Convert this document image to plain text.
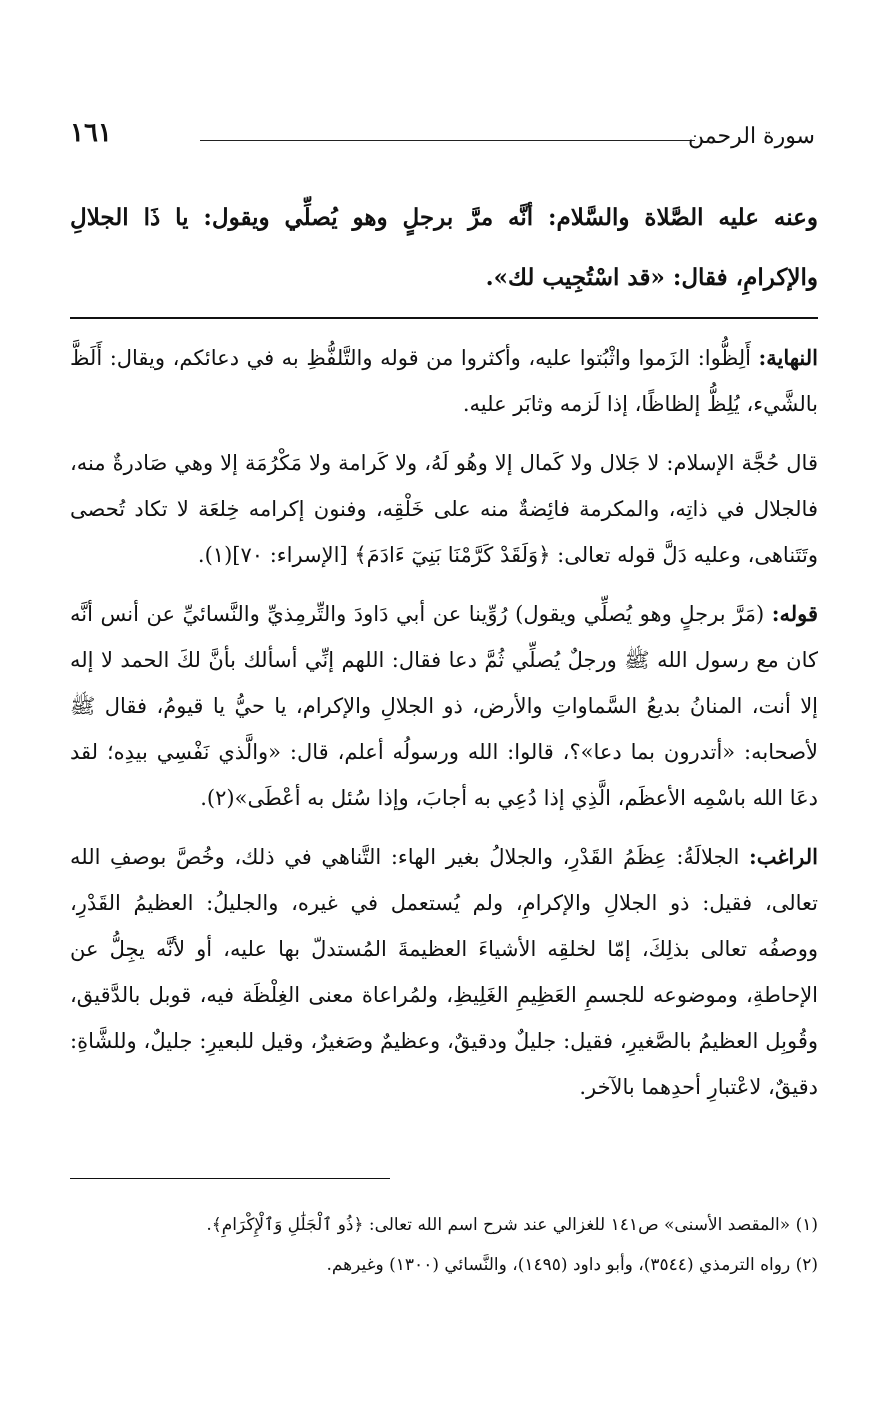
١٦١	سورة الرحمن
وعنه عليه الصَّلاة والسَّلام: أنَّه مرَّ برجلٍ وهو يُصلِّي ويقول: يا ذَا الجلالِ والإكرامِ، فقال: «قد اسْتُجِيب لك».

النهاية: أَلِظُّوا: الزَموا واثْبُتوا عليه، وأكثروا من قوله والتَّلفُّظِ به في دعائكم، ويقال: أَلَظَّ بالشَّيء، يُلِظُّ إلظاظًا، إذا لَزمه وثابَر عليه.

قال حُجَّة الإسلام: لا جَلال ولا كَمال إلا وهُو لَهُ، ولا كَرامة ولا مَكْرُمَة إلا وهي صَادرةٌ منه، فالجلال في ذاتِه، والمكرمة فائِضةٌ منه على خَلْقِه، وفنون إكرامه خِلعَة لا تكاد تُحصى وتَتَناهى، وعليه دَلَّ قوله تعالى: ﴿وَلَقَدْ كَرَّمْنَا بَنِيٓ ءَادَمَ﴾ [الإسراء: ٧٠](١).

قوله: (مَرَّ برجلٍ وهو يُصلِّي ويقول) رُوِّينا عن أبي دَاودَ والتِّرمِذيِّ والنَّسائيِّ عن أنس أنَّه كان مع رسول الله ﷺ ورجلٌ يُصلِّي ثُمَّ دعا فقال: اللهم إنِّي أسألك بأنَّ لكَ الحمد لا إله إلا أنت، المنانُ بديعُ السَّماواتِ والأرض، ذو الجلالِ والإكرام، يا حيُّ يا قيومُ، فقال ﷺ لأصحابه: «أتدرون بما دعا»؟، قالوا: الله ورسولُه أعلم، قال: «والَّذي نَفْسِي بيدِه؛ لقد دعَا الله باسْمِه الأعظَم، الَّذِي إذا دُعِي به أجابَ، وإذا سُئل به أعْطَى»(٢).

الراغب: الجلالَةُ: عِظَمُ القَدْرِ، والجلالُ بغير الهاء: التَّناهي في ذلك، وخُصَّ بوصفِ الله تعالى، فقيل: ذو الجلالِ والإكرامِ، ولم يُستعمل في غيره، والجليلُ: العظيمُ القَدْرِ، ووصفُه تعالى بذلِكَ، إمّا لخلقِه الأشياءَ العظيمةَ المُستدلّ بها عليه، أو لأنَّه يجِلُّ عن الإحاطةِ، وموضوعه للجسمِ العَظِيمِ الغَلِيظِ، ولمُراعاة معنى الغِلْظَة فيه، قوبل بالدَّقيق، وقُوبِل العظيمُ بالصَّغيرِ، فقيل: جليلٌ ودقيقٌ، وعظيمٌ وصَغيرٌ، وقيل للبعيرِ: جليلٌ، وللشَّاةِ: دقيقٌ، لاعْتبارِ أحدِهما بالآخر.

(١) «المقصد الأسنى» ص١٤١ للغزالي عند شرح اسم الله تعالى: ﴿ذُو ٱلْجَلَٰلِ وَٱلْإِكْرَامِ﴾.
(٢) رواه الترمذي (٣٥٤٤)، وأبو داود (١٤٩٥)، والنَّسائي (١٣٠٠) وغيرهم.
